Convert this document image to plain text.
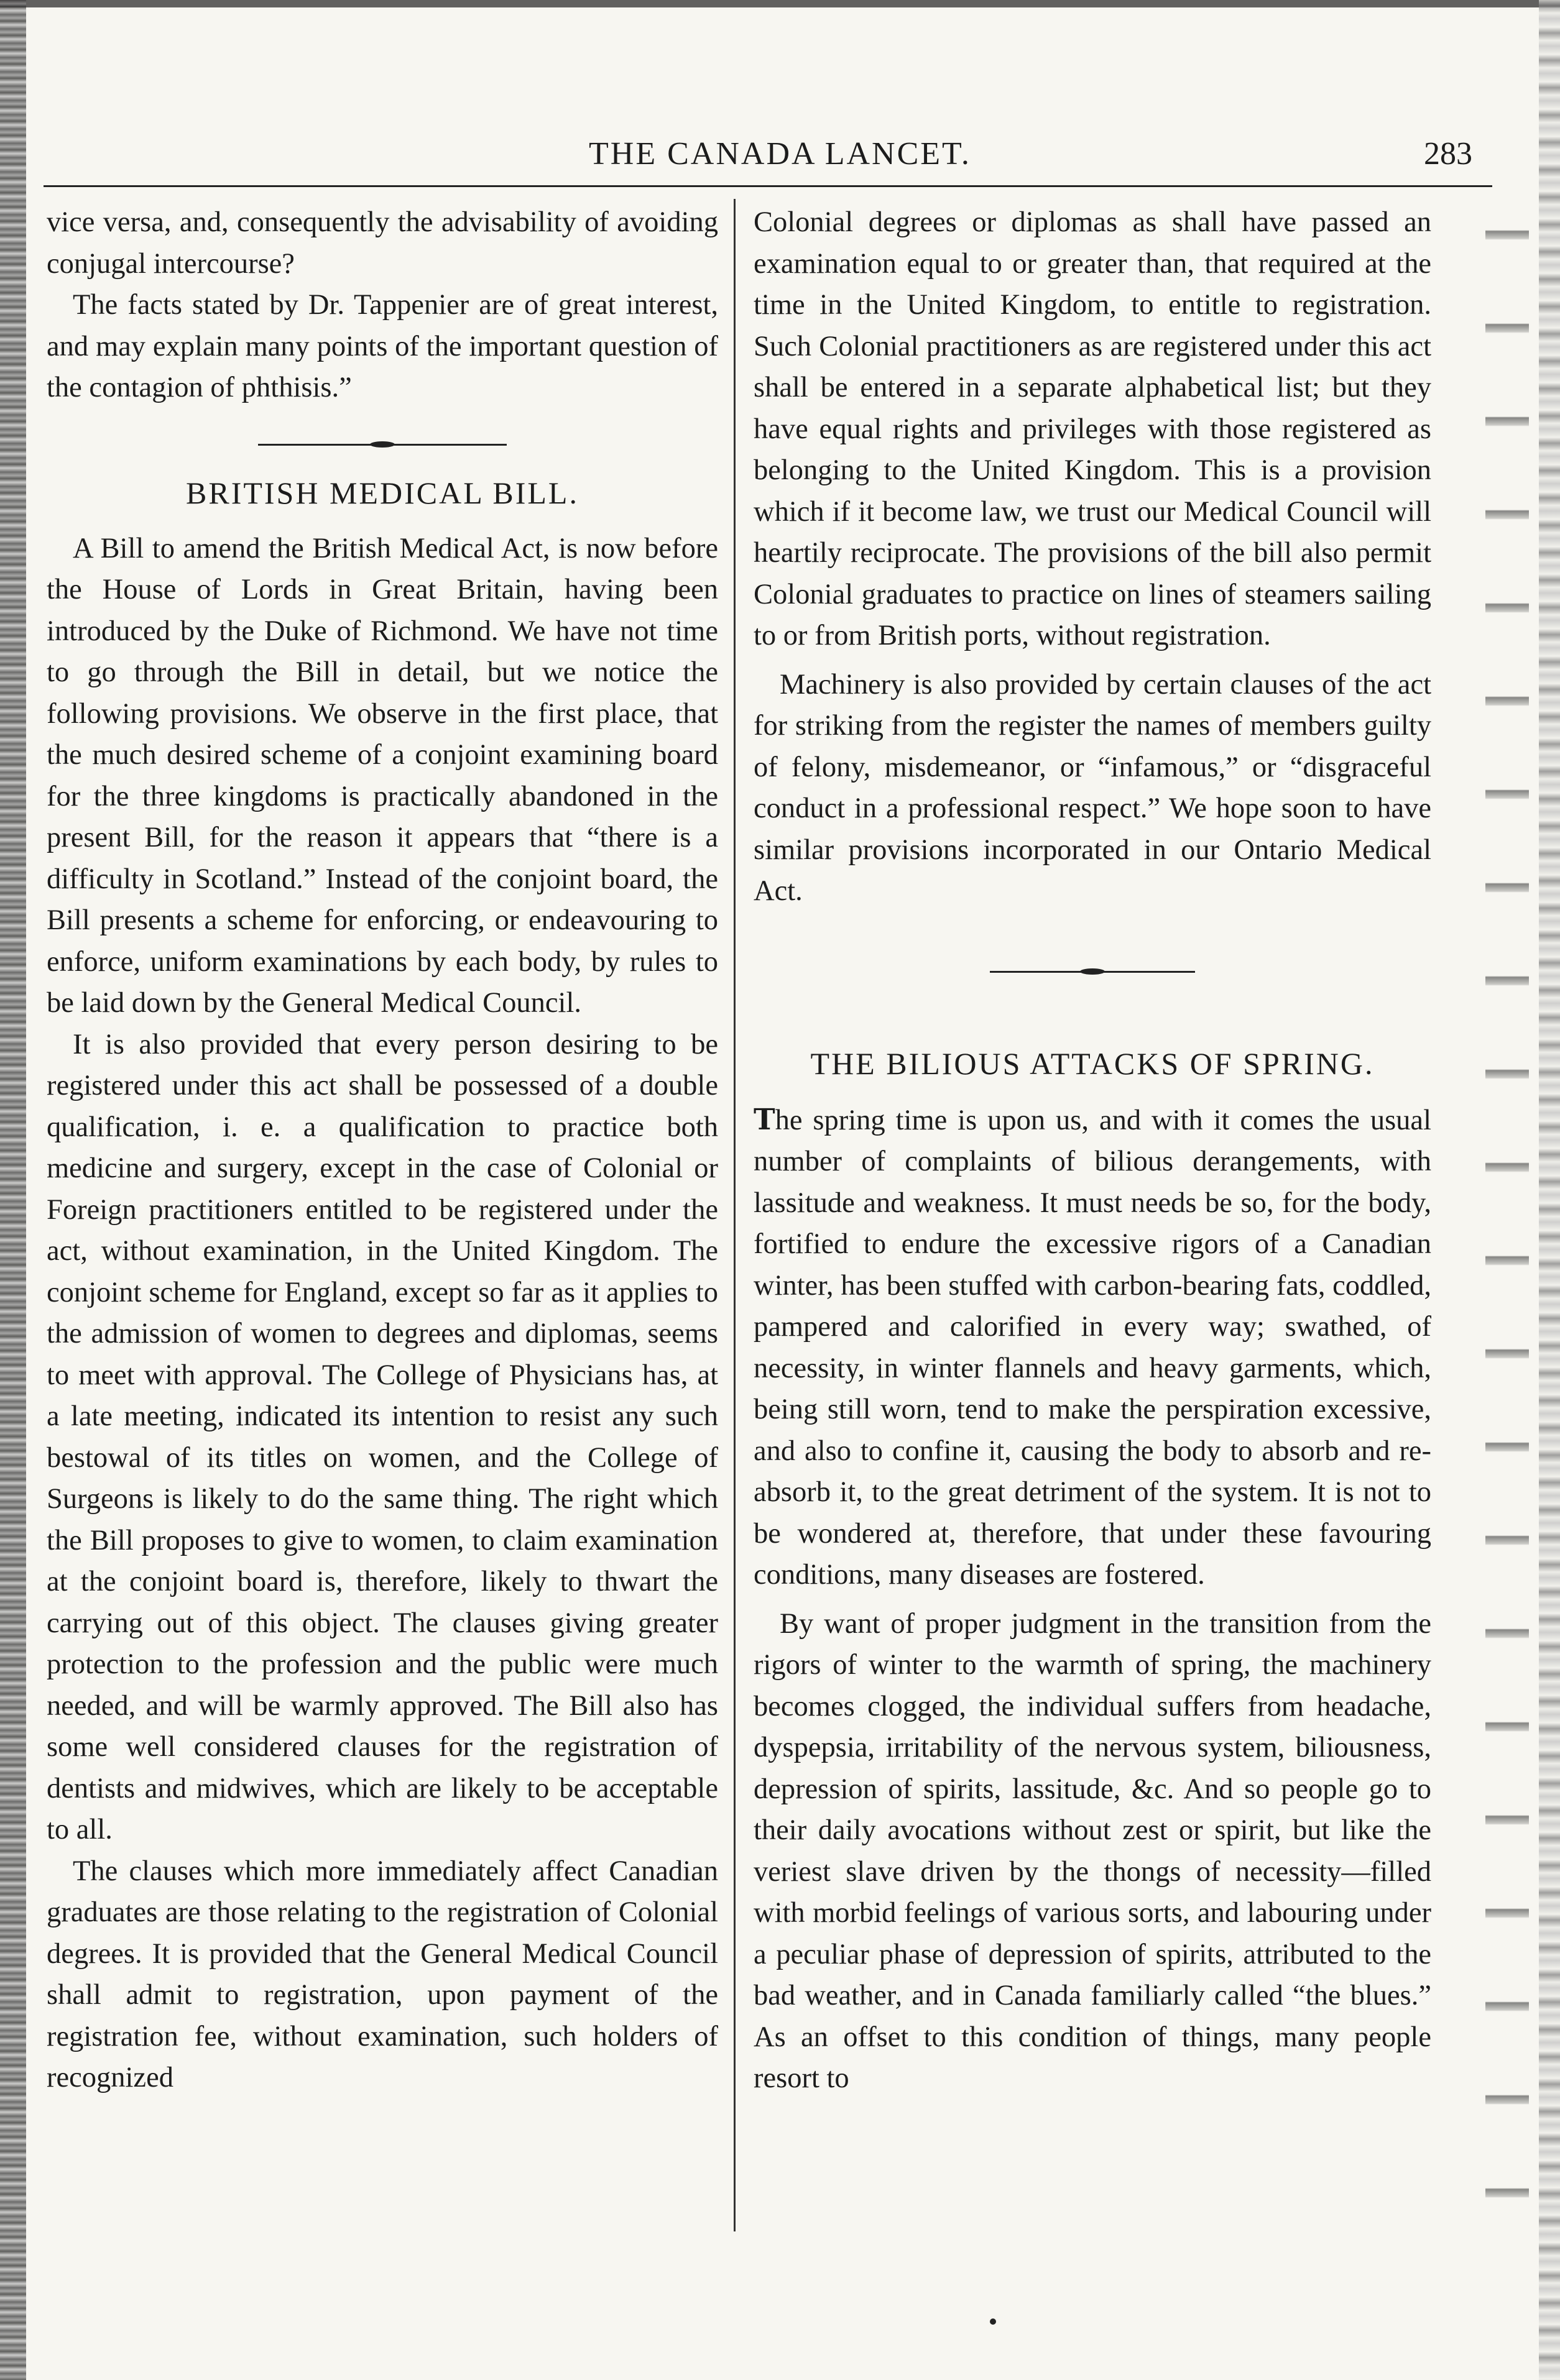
THE CANADA LANCET.	283

vice versa, and, consequently the advisability of avoiding conjugal intercourse?

The facts stated by Dr. Tappenier are of great interest, and may explain many points of the important question of the contagion of phthisis.”

BRITISH MEDICAL BILL.

A Bill to amend the British Medical Act, is now before the House of Lords in Great Britain, having been introduced by the Duke of Richmond. We have not time to go through the Bill in detail, but we notice the following provisions. We observe in the first place, that the much desired scheme of a conjoint examining board for the three kingdoms is practically abandoned in the present Bill, for the reason it appears that “there is a difficulty in Scotland.” Instead of the conjoint board, the Bill presents a scheme for enforcing, or endeavouring to enforce, uniform examinations by each body, by rules to be laid down by the General Medical Council.

It is also provided that every person desiring to be registered under this act shall be possessed of a double qualification, i. e. a qualification to practice both medicine and surgery, except in the case of Colonial or Foreign practitioners entitled to be registered under the act, without examination, in the United Kingdom. The conjoint scheme for England, except so far as it applies to the admission of women to degrees and diplomas, seems to meet with approval. The College of Physicians has, at a late meeting, indicated its intention to resist any such bestowal of its titles on women, and the College of Surgeons is likely to do the same thing. The right which the Bill proposes to give to women, to claim examination at the conjoint board is, therefore, likely to thwart the carrying out of this object. The clauses giving greater protection to the profession and the public were much needed, and will be warmly approved. The Bill also has some well considered clauses for the registration of dentists and midwives, which are likely to be acceptable to all.

The clauses which more immediately affect Canadian graduates are those relating to the registration of Colonial degrees. It is provided that the General Medical Council shall admit to registration, upon payment of the registration fee, without examination, such holders of recognized

Colonial degrees or diplomas as shall have passed an examination equal to or greater than, that required at the time in the United Kingdom, to entitle to registration. Such Colonial practitioners as are registered under this act shall be entered in a separate alphabetical list; but they have equal rights and privileges with those registered as belonging to the United Kingdom. This is a provision which if it become law, we trust our Medical Council will heartily reciprocate. The provisions of the bill also permit Colonial graduates to practice on lines of steamers sailing to or from British ports, without registration.

Machinery is also provided by certain clauses of the act for striking from the register the names of members guilty of felony, misdemeanor, or “infamous,” or “disgraceful conduct in a professional respect.” We hope soon to have similar provisions incorporated in our Ontario Medical Act.

THE BILIOUS ATTACKS OF SPRING.

The spring time is upon us, and with it comes the usual number of complaints of bilious derangements, with lassitude and weakness. It must needs be so, for the body, fortified to endure the excessive rigors of a Canadian winter, has been stuffed with carbon-bearing fats, coddled, pampered and calorified in every way; swathed, of necessity, in winter flannels and heavy garments, which, being still worn, tend to make the perspiration excessive, and also to confine it, causing the body to absorb and re-absorb it, to the great detriment of the system. It is not to be wondered at, therefore, that under these favouring conditions, many diseases are fostered.

By want of proper judgment in the transition from the rigors of winter to the warmth of spring, the machinery becomes clogged, the individual suffers from headache, dyspepsia, irritability of the nervous system, biliousness, depression of spirits, lassitude, &c. And so people go to their daily avocations without zest or spirit, but like the veriest slave driven by the thongs of necessity—filled with morbid feelings of various sorts, and labouring under a peculiar phase of depression of spirits, attributed to the bad weather, and in Canada familiarly called “the blues.” As an offset to this condition of things, many people resort to
